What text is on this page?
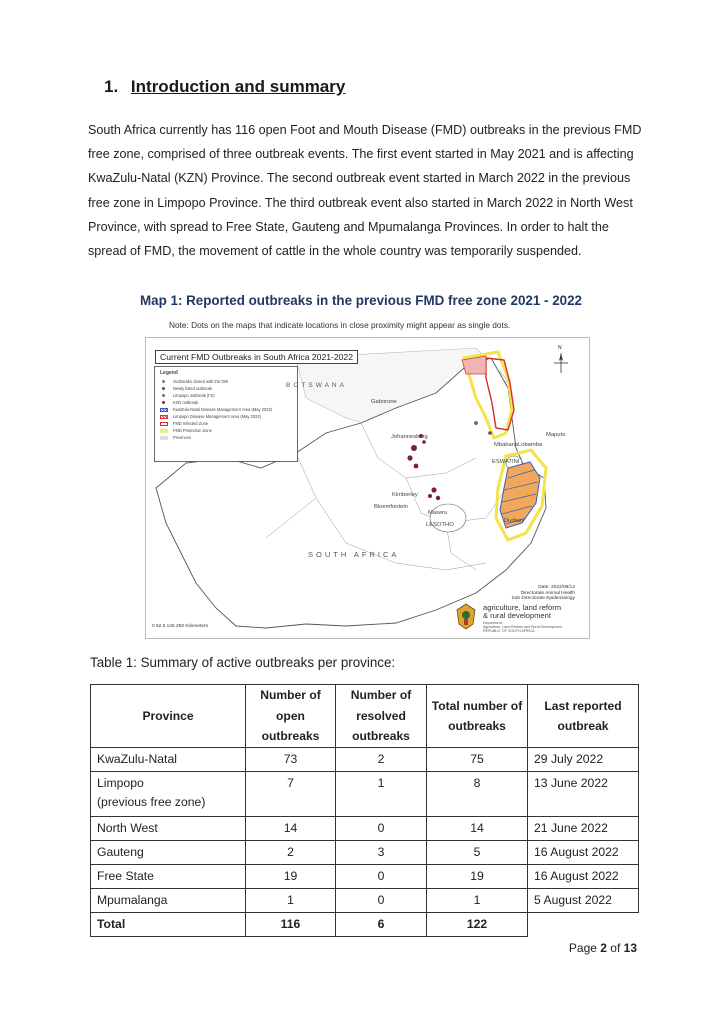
1. Introduction and summary

South Africa currently has 116 open Foot and Mouth Disease (FMD) outbreaks in the previous FMD free zone, comprised of three outbreak events. The first event started in May 2021 and is affecting KwaZulu-Natal (KZN) Province. The second outbreak event started in March 2022 in the previous free zone in Limpopo Province. The third outbreak event also started in March 2022 in North West Province, with spread to Free State, Gauteng and Mpumalanga Provinces. In order to halt the spread of FMD, the movement of cattle in the whole country was temporarily suspended.

Map 1: Reported outbreaks in the previous FMD free zone 2021 - 2022
Note: Dots on the maps that indicate locations in close proximity might appear as single dots.
Current FMD Outbreaks in South Africa 2021-2022
Legend
Outbreaks closed with the OIE
Newly listed outbreak
Limpopo outbreak (FZ)
KZN outbreak
KwaZulu-Natal Disease Management Area (May 2022)
Limpopo Disease Management Area (May 2022)
FMD Infected Zone
FMD Protection Zone
Provinces
Gaborone
Johannesburg
Mbabane Lobamba
Maputo
Kimberley
Bloemfontein
Maseru
LESOTHO
Durban
ESWATINI
SOUTH AFRICA
BOTSWANA
Date: 2022/08/12
Directorate Animal Health
Sub Directorate Epidemiology
0 62.5 125 250 Kilometers
agriculture, land reform
& rural development
Department:
Agriculture, Land Reform and Rural Development
REPUBLIC OF SOUTH AFRICA
N
Table 1: Summary of active outbreaks per province:
Province	Number of open outbreaks	Number of resolved outbreaks	Total number of outbreaks	Last reported outbreak
KwaZulu-Natal	73	2	75	29 July 2022

Limpopo
(previous free zone)	7	1	8	13 June 2022
North West	14	0	14	21 June 2022
Gauteng	2	3	5	16 August 2022
Free State	19	0	19	16 August 2022
Mpumalanga	1	0	1	5 August 2022
Total	116	6	122	
Page 2 of 13
